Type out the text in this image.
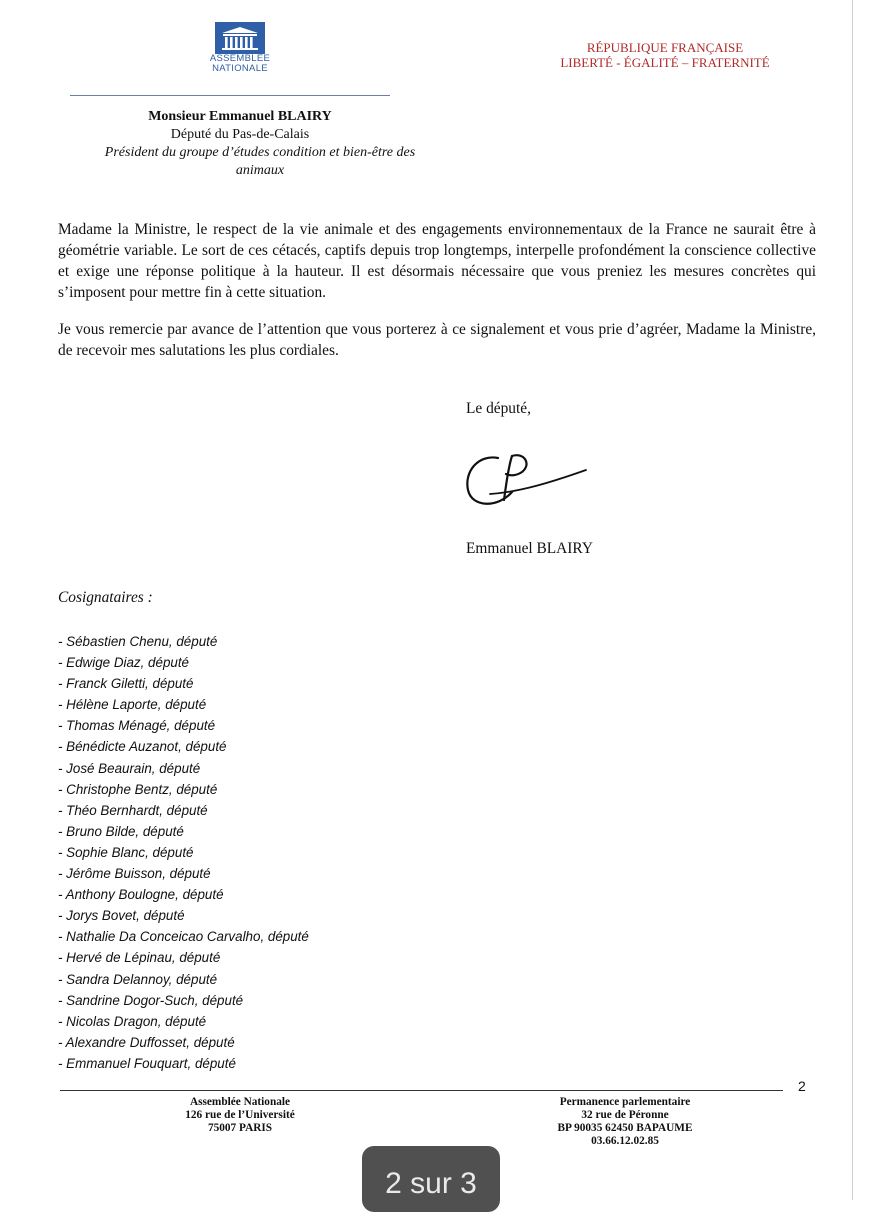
ASSEMBLÉE
NATIONALE
RÉPUBLIQUE FRANÇAISE
LIBERTÉ - ÉGALITÉ – FRATERNITÉ
Monsieur Emmanuel BLAIRY
Député du Pas-de-Calais
Président du groupe d’études condition et bien-être des animaux
Madame la Ministre, le respect de la vie animale et des engagements environnementaux de la France ne saurait être à géométrie variable. Le sort de ces cétacés, captifs depuis trop longtemps, interpelle profondément la conscience collective et exige une réponse politique à la hauteur. Il est désormais nécessaire que vous preniez les mesures concrètes qui s’imposent pour mettre fin à cette situation.
Je vous remercie par avance de l’attention que vous porterez à ce signalement et vous prie d’agréer, Madame la Ministre, de recevoir mes salutations les plus cordiales.
Le député,
Emmanuel BLAIRY
Cosignataires :
- Sébastien Chenu, député
- Edwige Diaz, député
- Franck Giletti, député
- Hélène Laporte, député
- Thomas Ménagé, député
- Bénédicte Auzanot, député
- José Beaurain, député
- Christophe Bentz, député
- Théo Bernhardt, député
- Bruno Bilde, député
- Sophie Blanc, député
- Jérôme Buisson, député
- Anthony Boulogne, député
- Jorys Bovet, député
- Nathalie Da Conceicao Carvalho, député
- Hervé de Lépinau, député
- Sandra Delannoy, député
- Sandrine Dogor-Such, député
- Nicolas Dragon, député
- Alexandre Duffosset, député
- Emmanuel Fouquart, député
2
Assemblée Nationale
126 rue de l’Université
75007 PARIS
Permanence parlementaire
32 rue de Péronne
BP 90035 62450 BAPAUME
03.66.12.02.85
2 sur 3
